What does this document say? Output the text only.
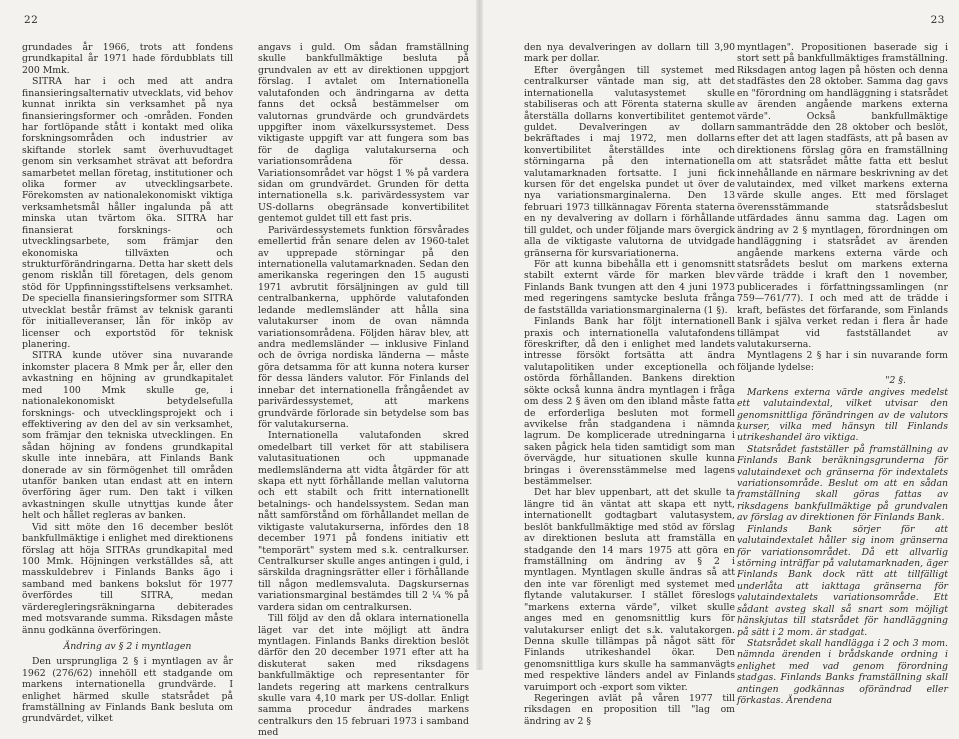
22

grundades år 1966, trots att fondens grundkapital år 1971 hade fördubblats till 200 Mmk.

SITRA har i och med att andra finansieringsalternativ utvecklats, vid behov kunnat inrikta sin verksamhet på nya finansieringsformer och -områden. Fonden har fortlöpande stått i kontakt med olika forskningsområden och industrier av skiftande storlek samt överhuvudtaget genom sin verksamhet strävat att befordra samarbetet mellan företag, institutioner och olika former av utvecklingsarbete. Förekomsten av nationalekonomiskt viktiga verksamhetsmål håller ingalunda på att minska utan tvärtom öka. SITRA har finansierat forsknings- och utvecklingsarbete, som främjar den ekonomiska tillväxten och strukturförändringarna. Detta har skett dels genom risklån till företagen, dels genom stöd för Uppfinningsstiftelsens verksamhet. De speciella finansieringsformer som SITRA utvecklat består främst av teknisk garanti för initialleveranser, lån för inköp av licenser och exportstöd för teknisk planering.

SITRA kunde utöver sina nuvarande inkomster placera 8 Mmk per år, eller den avkastning en höjning av grundkapitalet med 100 Mmk skulle ge, i nationalekonomiskt betydelsefulla forsknings- och utvecklingsprojekt och i effektivering av den del av sin verksamhet, som främjar den tekniska utvecklingen. En sådan höjning av fondens grundkapital skulle inte innebära, att Finlands Bank donerade av sin förmögenhet till områden utanför banken utan endast att en intern överföring äger rum. Den takt i vilken avkastningen skulle utnyttjas kunde åter helt och hållet regleras av banken.

Vid sitt möte den 16 december beslöt bankfullmäktige i enlighet med direktionens förslag att höja SITRAs grundkapital med 100 Mmk. Höjningen verkställdes så, att masskuldebrev i Finlands Banks ägo i samband med bankens bokslut för 1977 överfördes till SITRA, medan värderegleringsräkningarna debiterades med motsvarande summa. Riksdagen måste ännu godkänna överföringen.

Ändring av § 2 i myntlagen

Den ursprungliga 2 § i myntlagen av år 1962 (276/62) innehöll ett stadgande om markens internationella grundvärde. I enlighet härmed skulle statsrådet på framställning av Finlands Bank besluta om grundvärdet, vilket

angavs i guld. Om sådan framställning skulle bankfullmäktige besluta på grundvalen av ett av direktionen uppgjort förslag. I avtalet om Internationella valutafonden och ändringarna av detta fanns det också bestämmelser om valutornas grundvärde och grundvärdets uppgifter inom växelkurssystemet. Dess viktigaste uppgift var att fungera som bas för de dagliga valutakurserna och variationsområdena för dessa. Variationsområdet var högst 1 % på vardera sidan om grundvärdet. Grunden för detta internationella s.k. parivärdessystem var US-dollarns obegränsade konvertibilitet gentemot guldet till ett fast pris.

Parivärdessystemets funktion försvårades emellertid från senare delen av 1960-talet av upprepade störningar på den internationella valutamarknaden. Sedan den amerikanska regeringen den 15 augusti 1971 avbrutit försäljningen av guld till centralbankerna, upphörde valutafonden ledande medlemsländer att hålla sina valutakurser inom de ovan nämnda variationsområdena. Följden härav blev, att andra medlemsländer — inklusive Finland och de övriga nordiska länderna — måste göra detsamma för att kunna notera kurser för dessa länders valutor. För Finlands del innebar det internationella frångåendet av parivärdessystemet, att markens grundvärde förlorade sin betydelse som bas för valutakurserna.

Internationella valutafonden skred omedelbart till verket för att stabilisera valutasituationen och uppmanade medlemsländerna att vidta åtgärder för att skapa ett nytt förhållande mellan valutorna och ett stabilt och fritt internationellt betalnings- och handelssystem. Sedan man nått samförstånd om förhållandet mellan de viktigaste valutakurserna, infördes den 18 december 1971 på fondens initiativ ett "temporärt" system med s.k. centralkurser. Centralkurser skulle anges antingen i guld, i särskilda dragningsrätter eller i förhållande till någon medlemsvaluta. Dagskursernas variationsmarginal bestämdes till 2 ¼ % på vardera sidan om centralkursen.

Till följd av den då oklara internationella läget var det inte möjligt att ändra myntlagen. Finlands Banks direktion beslöt därför den 20 december 1971 efter att ha diskuterat saken med riksdagens bankfullmäktige och representanter för landets regering att markens centralkurs skulle vara 4,10 mark per US-dollar. Enligt samma procedur ändrades markens centralkurs den 15 februari 1973 i samband med

23

den nya devalveringen av dollarn till 3,90 mark per dollar.

Efter övergången till systemet med centralkurser väntade man sig, att det internationella valutasystemet skulle stabiliseras och att Förenta staterna skulle återställa dollarns konvertibilitet gentemot guldet. Devalveringen av dollarn bekräftades i maj 1972, men dollarns konvertibilitet återställdes inte och störningarna på den internationella valutamarknaden fortsatte. I juni fick kursen för det engelska pundet ut över de nya variationsmarginalerna. Den 13 februari 1973 tillkännagav Förenta staterna en ny devalvering av dollarn i förhållande till guldet, och under följande mars övergick alla de viktigaste valutorna de utvidgade gränserna för kursvariationerna.

För att kunna bibehålla ett i genomsnitt stabilt externt värde för marken blev Finlands Bank tvungen att den 4 juni 1973 med regeringens samtycke besluta frånga de fastställda variationsmarginalerna (1 §).

Finlands Bank har följt internationell praxis och internationella valutafondens föreskrifter, då den i enlighet med landets intresse försökt fortsätta att ändra valutapolitiken under exceptionella och ostörda förhållanden. Bankens direktion sökte också kunna ändra myntlagen i fråga om dess 2 § även om den ibland måste fatta de erforderliga besluten mot formell avvikelse från stadgandena i nämnda lagrum. De komplicerade utredningarna i saken pågick hela tiden samtidigt som man övervägde, hur situationen skulle kunna bringas i överensstämmelse med lagens bestämmelser.

Det har blev uppenbart, att det skulle ta längre tid än väntat att skapa ett nytt, internationellt godtagbart valutasystem, beslöt bankfullmäktige med stöd av förslag av direktionen besluta att framställa en stadgande den 14 mars 1975 att göra en framställning om ändring av § 2 i myntlagen. Myntlagen skulle ändras så att den inte var förenligt med systemet med flytande valutakurser. I stället föreslogs "markens externa värde", vilket skulle anges med en genomsnittlig kurs för valutakurser enligt det s.k. valutakorgen. Denna skulle tillämpas på något sätt för Finlands utrikeshandel ökar. Den genomsnittliga kurs skulle ha sammanvägts med respektive länders andel av Finlands varuimport och -export som vikter.

Regeringen avlät på våren 1977 till riksdagen en proposition till "lag om ändring av 2 §

myntlagen". Propositionen baserade sig i stort sett på bankfullmäktiges framställning. Riksdagen antog lagen på hösten och denna stadfästes den 28 oktober. Samma dag gavs en "förordning om handläggning i statsrådet av ärenden angående markens externa värde". Också bankfullmäktige sammanträdde den 28 oktober och beslöt, efter det att lagen stadfästs, att på basen av direktionens förslag göra en framställning om att statsrådet måtte fatta ett beslut innehållande en närmare beskrivning av det valutaindex, med vilket markens externa värde skulle anges. Ett med förslaget överensstämmande statsrådsbeslut utfärdades ännu samma dag. Lagen om ändring av 2 § myntlagen, förordningen om handläggning i statsrådet av ärenden angående markens externa värde och statsrådets beslut om markens externa värde trädde i kraft den 1 november, publicerades i författningssamlingen (nr 759—761/77). I och med att de trädde i kraft, befästes det förfarande, som Finlands Bank i själva verket redan i flera år hade tillämpat vid fastställandet av valutakurserna.

Myntlagens 2 § har i sin nuvarande form följande lydelse:

"2 §.

Markens externa värde angives medelst ett valutaindextal, vilket utvisar den genomsnittliga förändringen av de valutors kurser, vilka med hänsyn till Finlands utrikeshandel äro viktiga.

Statsrådet fastställer på framställning av Finlands Bank beräkningsgrunderna för valutaindexet och gränserna för indextalets variationsområde. Beslut om att en sådan framställning skall göras fattas av riksdagens bankfullmäktige på grundvalen av förslag av direktionen för Finlands Bank.

Finlands Bank sörjer för att valutaindextalet håller sig inom gränserna för variationsområdet. Då ett allvarlig störning inträffar på valutamarknaden, äger Finlands Bank dock rätt att tillfälligt underlåta att iakttaga gränserna för valutaindextalets variationsområde. Ett sådant avsteg skall så snart som möjligt hänskjutas till statsrådet för handläggning på sätt i 2 mom. är stadgat.

Statsrådet skall handlägga i 2 och 3 mom. nämnda ärenden i brådskande ordning i enlighet med vad genom förordning stadgas. Finlands Banks framställning skall antingen godkännas oförändrad eller förkastas. Ärendena
